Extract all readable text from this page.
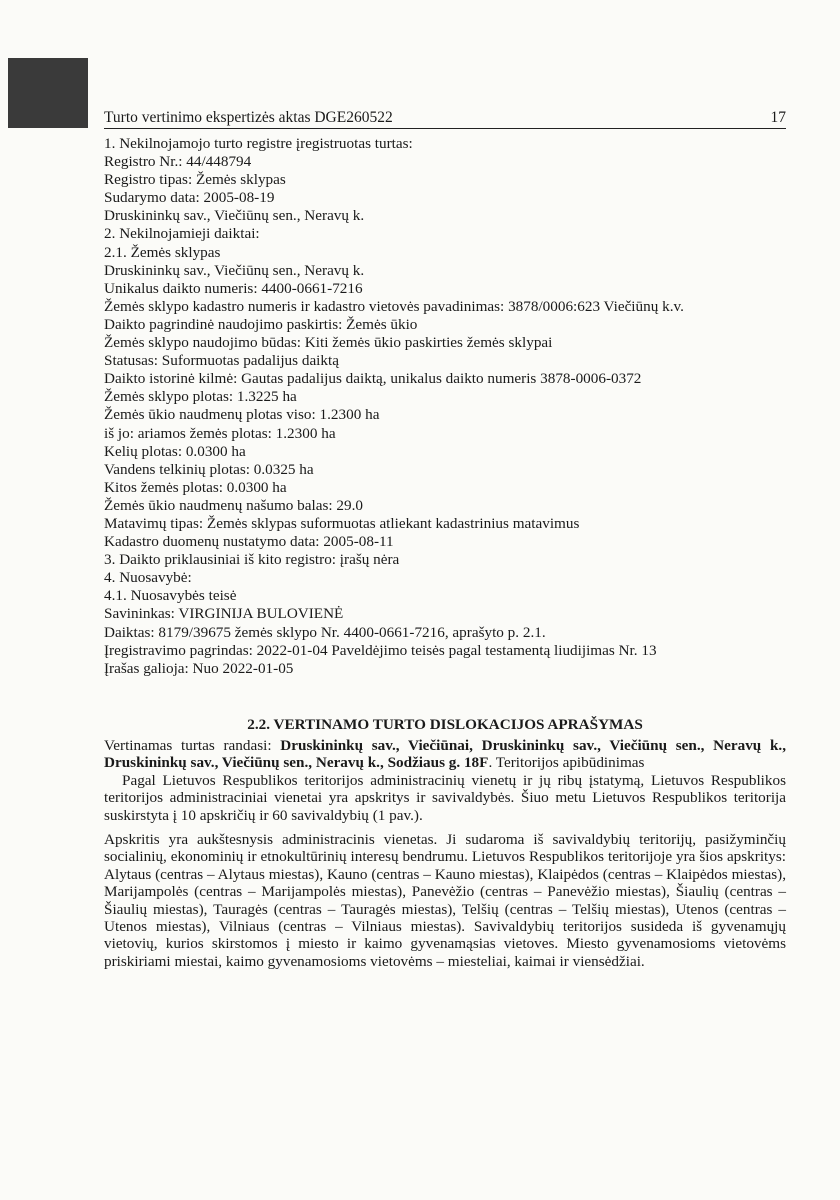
Turto vertinimo ekspertizės aktas DGE260522	17
1. Nekilnojamojo turto registre įregistruotas turtas:
Registro Nr.: 44/448794
Registro tipas: Žemės sklypas
Sudarymo data: 2005-08-19
Druskininkų sav., Viečiūnų sen., Neravų k.
2. Nekilnojamieji daiktai:
2.1. Žemės sklypas
Druskininkų sav., Viečiūnų sen., Neravų k.
Unikalus daikto numeris: 4400-0661-7216
Žemės sklypo kadastro numeris ir kadastro vietovės pavadinimas: 3878/0006:623 Viečiūnų k.v.
Daikto pagrindinė naudojimo paskirtis: Žemės ūkio
Žemės sklypo naudojimo būdas: Kiti žemės ūkio paskirties žemės sklypai
Statusas: Suformuotas padalijus daiktą
Daikto istorinė kilmė: Gautas padalijus daiktą, unikalus daikto numeris 3878-0006-0372
Žemės sklypo plotas: 1.3225 ha
Žemės ūkio naudmenų plotas viso: 1.2300 ha
iš jo: ariamos žemės plotas: 1.2300 ha
Kelių plotas: 0.0300 ha
Vandens telkinių plotas: 0.0325 ha
Kitos žemės plotas: 0.0300 ha
Žemės ūkio naudmenų našumo balas: 29.0
Matavimų tipas: Žemės sklypas suformuotas atliekant kadastrinius matavimus
Kadastro duomenų nustatymo data: 2005-08-11
3. Daikto priklausiniai iš kito registro: įrašų nėra
4. Nuosavybė:
4.1. Nuosavybės teisė
Savininkas: VIRGINIJA BULOVIENĖ
Daiktas: 8179/39675 žemės sklypo Nr. 4400-0661-7216, aprašyto p. 2.1.
Įregistravimo pagrindas: 2022-01-04 Paveldėjimo teisės pagal testamentą liudijimas Nr. 13
Įrašas galioja: Nuo 2022-01-05
2.2. VERTINAMO TURTO DISLOKACIJOS APRAŠYMAS
Vertinamas turtas randasi: Druskininkų sav., Viečiūnai, Druskininkų sav., Viečiūnų sen., Neravų k., Druskininkų sav., Viečiūnų sen., Neravų k., Sodžiaus g. 18F. Teritorijos apibūdinimas
Pagal Lietuvos Respublikos teritorijos administracinių vienetų ir jų ribų įstatymą, Lietuvos Respublikos teritorijos administraciniai vienetai yra apskritys ir savivaldybės. Šiuo metu Lietuvos Respublikos teritorija suskirstyta į 10 apskričių ir 60 savivaldybių (1 pav.).
Apskritis yra aukštesnysis administracinis vienetas. Ji sudaroma iš savivaldybių teritorijų, pasižyminčių socialinių, ekonominių ir etnokultūrinių interesų bendrumu. Lietuvos Respublikos teritorijoje yra šios apskritys: Alytaus (centras – Alytaus miestas), Kauno (centras – Kauno miestas), Klaipėdos (centras – Klaipėdos miestas), Marijampolės (centras – Marijampolės miestas), Panevėžio (centras – Panevėžio miestas), Šiaulių (centras – Šiaulių miestas), Tauragės (centras – Tauragės miestas), Telšių (centras – Telšių miestas), Utenos (centras – Utenos miestas), Vilniaus (centras – Vilniaus miestas). Savivaldybių teritorijos susideda iš gyvenamųjų vietovių, kurios skirstomos į miesto ir kaimo gyvenamąsias vietoves. Miesto gyvenamosioms vietovėms priskiriami miestai, kaimo gyvenamosioms vietovėms – miesteliai, kaimai ir viensėdžiai.
